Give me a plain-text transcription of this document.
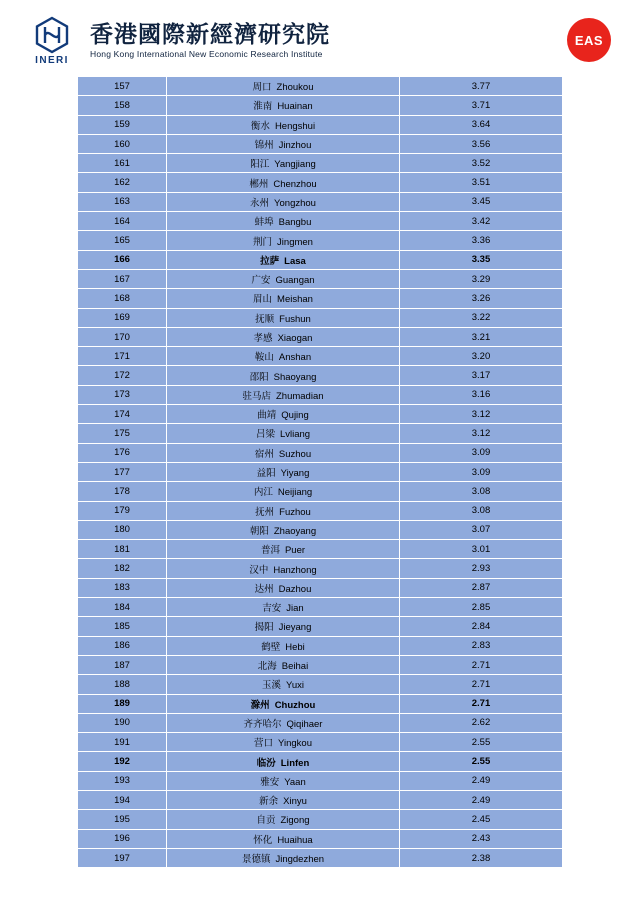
INERI
香港國際新經濟研究院
Hong Kong International New Economic Research Institute
EAS
157	周口 Zhoukou	3.77
158	淮南 Huainan	3.71
159	衡水 Hengshui	3.64
160	锦州 Jinzhou	3.56
161	阳江 Yangjiang	3.52
162	郴州 Chenzhou	3.51
163	永州 Yongzhou	3.45
164	蚌埠 Bangbu	3.42
165	荆门 Jingmen	3.36
166	拉萨 Lasa	3.35
167	广安 Guangan	3.29
168	眉山 Meishan	3.26
169	抚顺 Fushun	3.22
170	孝感 Xiaogan	3.21
171	鞍山 Anshan	3.20
172	邵阳 Shaoyang	3.17
173	驻马店 Zhumadian	3.16
174	曲靖 Qujing	3.12
175	吕梁 Lvliang	3.12
176	宿州 Suzhou	3.09
177	益阳 Yiyang	3.09
178	内江 Neijiang	3.08
179	抚州 Fuzhou	3.08
180	朝阳 Zhaoyang	3.07
181	普洱 Puer	3.01
182	汉中 Hanzhong	2.93
183	达州 Dazhou	2.87
184	吉安 Jian	2.85
185	揭阳 Jieyang	2.84
186	鹤壁 Hebi	2.83
187	北海 Beihai	2.71
188	玉溪 Yuxi	2.71
189	滁州 Chuzhou	2.71
190	齐齐哈尔 Qiqihaer	2.62
191	营口 Yingkou	2.55
192	临汾 Linfen	2.55
193	雅安 Yaan	2.49
194	新余 Xinyu	2.49
195	自贡 Zigong	2.45
196	怀化 Huaihua	2.43
197	景德镇 Jingdezhen	2.38
